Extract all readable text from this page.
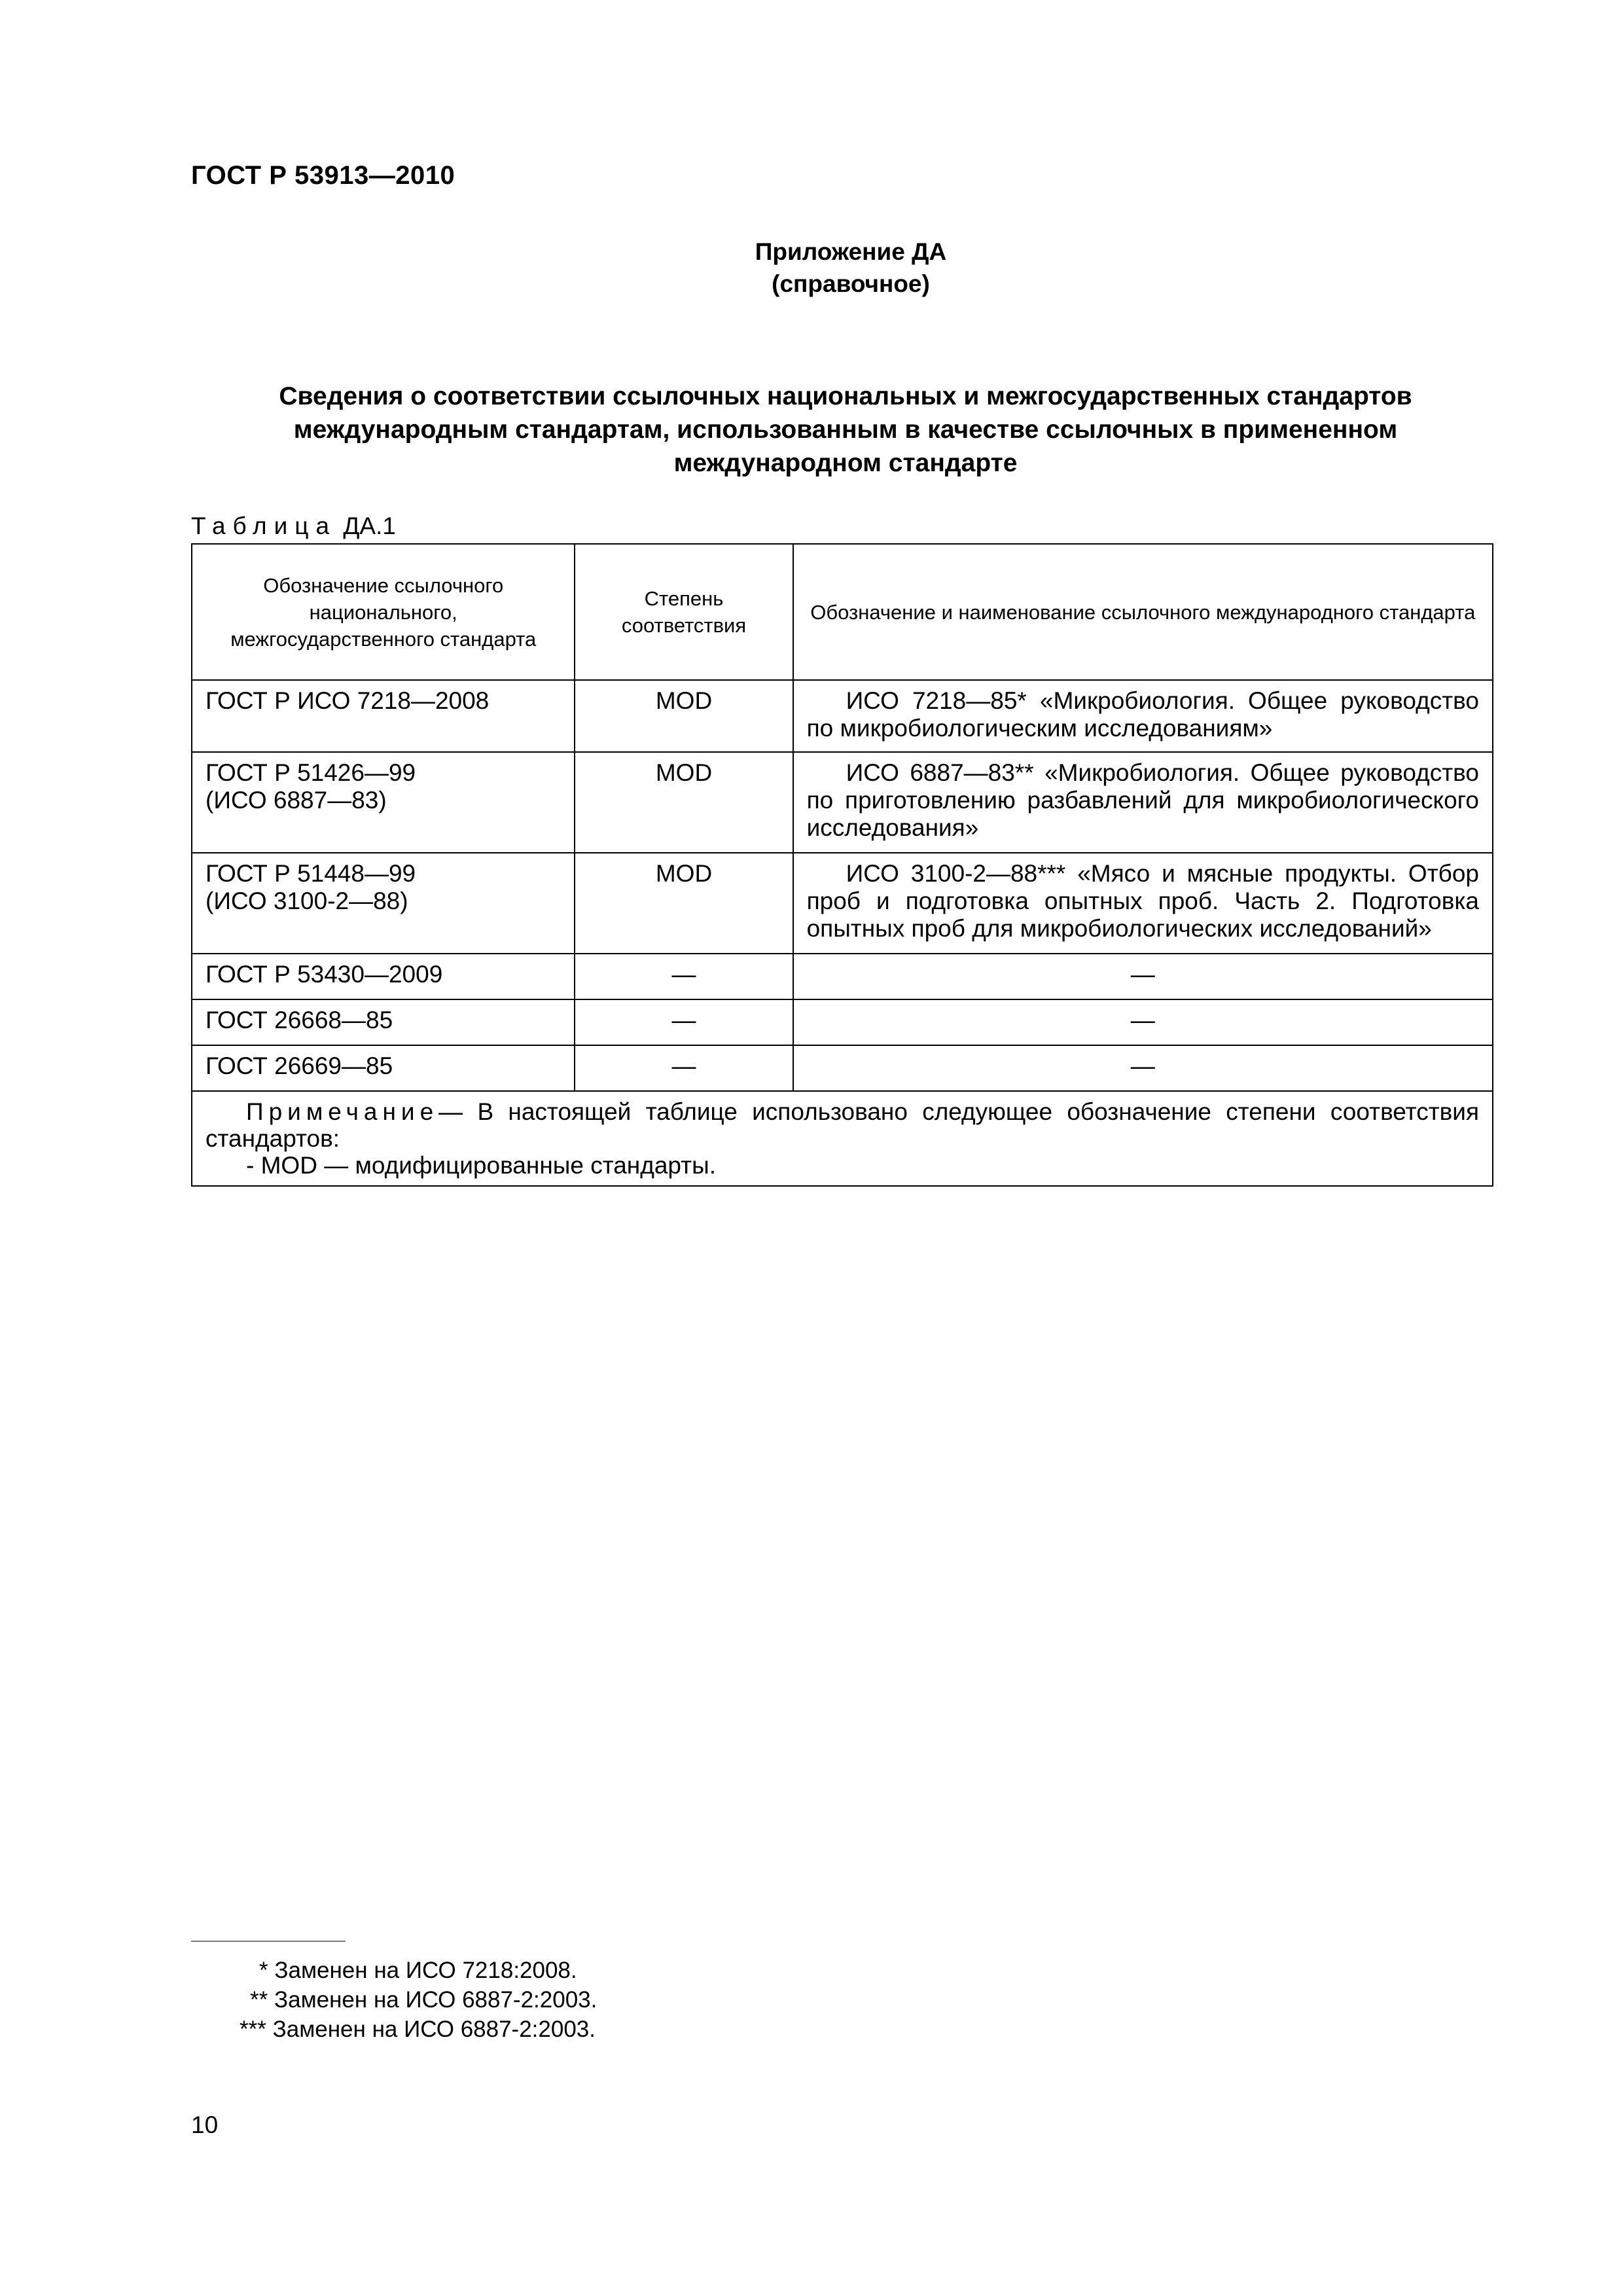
ГОСТ Р 53913—2010
Приложение ДА
(справочное)
Сведения о соответствии ссылочных национальных и межгосударственных стандартов
международным стандартам, использованным в качестве ссылочных в примененном
международном стандарте
Таблица ДА.1
Обозначение ссылочного национального, межгосударственного стандарта	Степень соответствия	Обозначение и наименование ссылочного международного стандарта

ГОСТ Р ИСО 7218—2008	MOD	ИСО 7218—85* «Микробиология. Общее руководство по микробиологическим исследованиям»

ГОСТ Р 51426—99
(ИСО 6887—83)	MOD	ИСО 6887—83** «Микробиология. Общее руководство по приготовлению разбавлений для микробиологического исследования»

ГОСТ Р 51448—99
(ИСО 3100-2—88)	MOD	ИСО 3100-2—88*** «Мясо и мясные продукты. Отбор проб и подготовка опытных проб. Часть 2. Подготовка опытных проб для микробиологических исследований»
ГОСТ Р 53430—2009	—	—
ГОСТ 26668—85	—	—
ГОСТ 26669—85	—	—

Примечание— В настоящей таблице использовано следующее обозначение степени соответствия стандартов:
- MOD — модифицированные стандарты.		
* Заменен на ИСО 7218:2008.
** Заменен на ИСО 6887-2:2003.
*** Заменен на ИСО 6887-2:2003.
10
